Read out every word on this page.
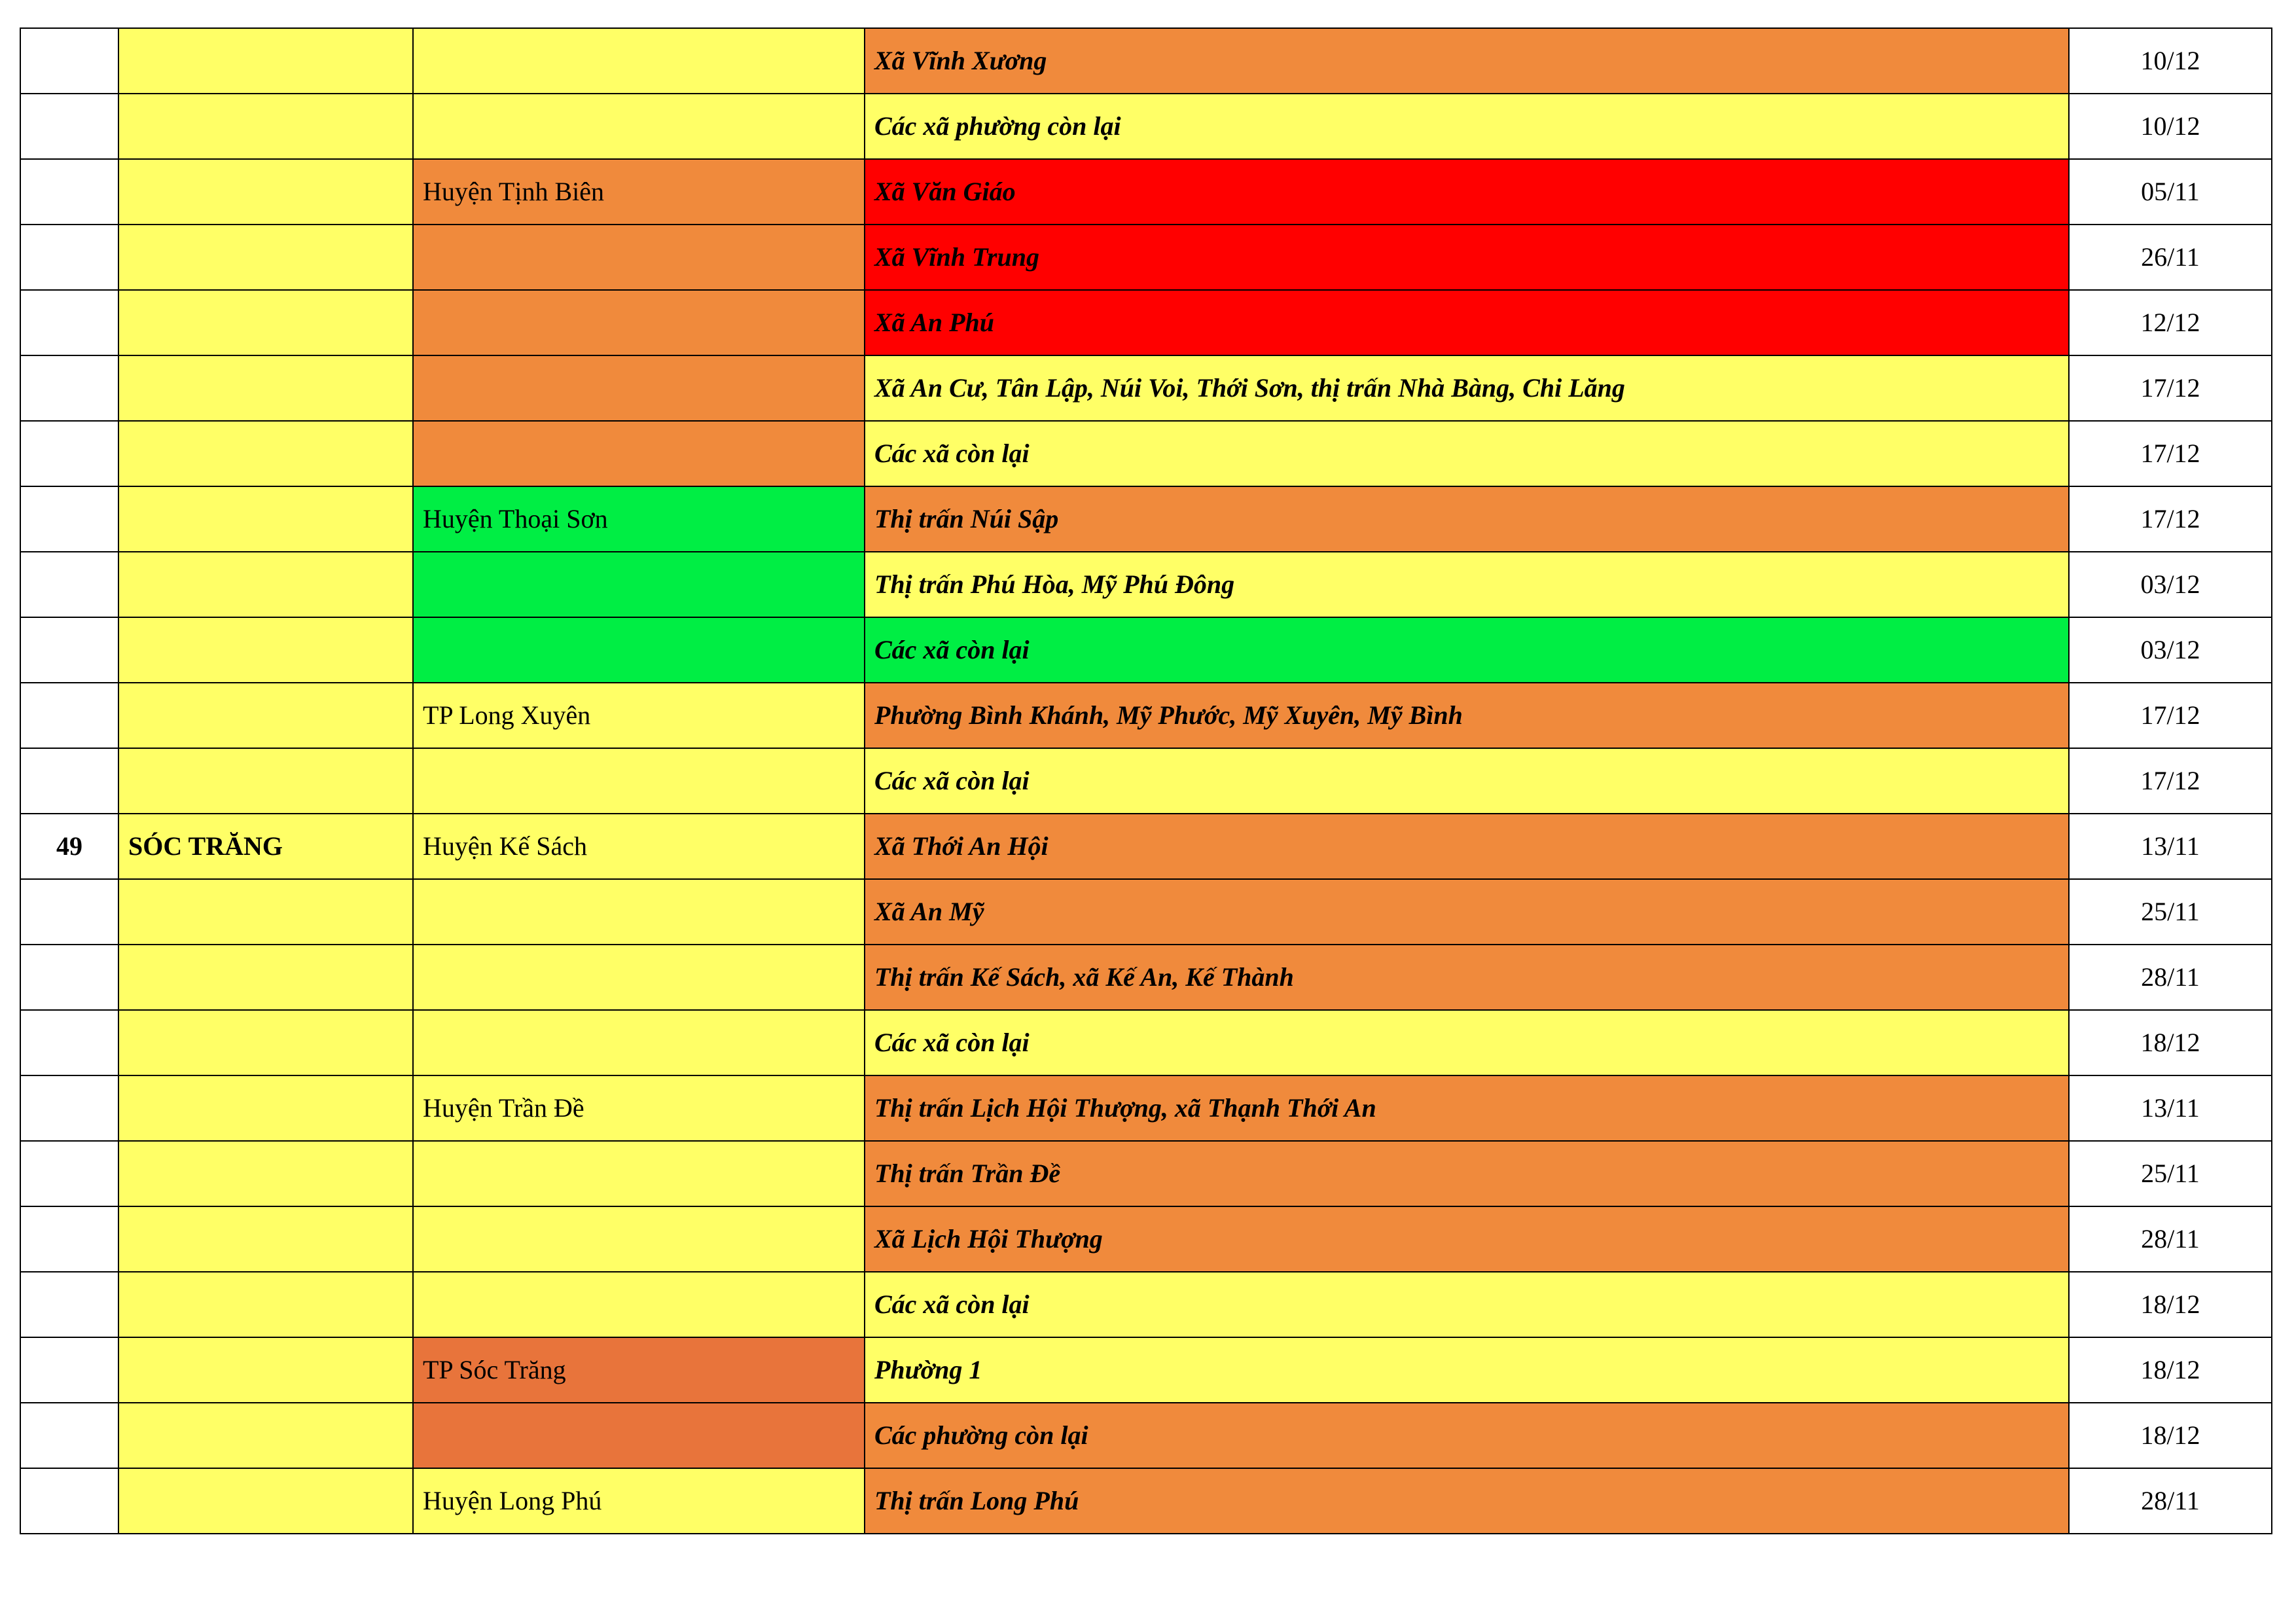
			Xã Vĩnh Xương	10/12
			Các xã phường còn lại	10/12
		Huyện Tịnh Biên	Xã Văn Giáo	05/11
			Xã Vĩnh Trung	26/11
			Xã An Phú	12/12
			Xã An Cư, Tân Lập, Núi Voi, Thới Sơn, thị trấn Nhà Bàng, Chi Lăng	17/12
			Các xã còn lại	17/12
		Huyện Thoại Sơn	Thị trấn Núi Sập	17/12
			Thị trấn Phú Hòa, Mỹ Phú Đông	03/12
			Các xã còn lại	03/12
		TP Long Xuyên	Phường Bình Khánh, Mỹ Phước, Mỹ Xuyên, Mỹ Bình	17/12
			Các xã còn lại	17/12
49	SÓC TRĂNG	Huyện Kế Sách	Xã Thới An Hội	13/11
			Xã An Mỹ	25/11
			Thị trấn Kế Sách, xã Kế An, Kế Thành	28/11
			Các xã còn lại	18/12
		Huyện Trần Đề	Thị trấn Lịch Hội Thượng, xã Thạnh Thới An	13/11
			Thị trấn Trần Đề	25/11
			Xã Lịch Hội Thượng	28/11
			Các xã còn lại	18/12
		TP Sóc Trăng	Phường 1	18/12
			Các phường còn lại	18/12
		Huyện Long Phú	Thị trấn Long Phú	28/11
